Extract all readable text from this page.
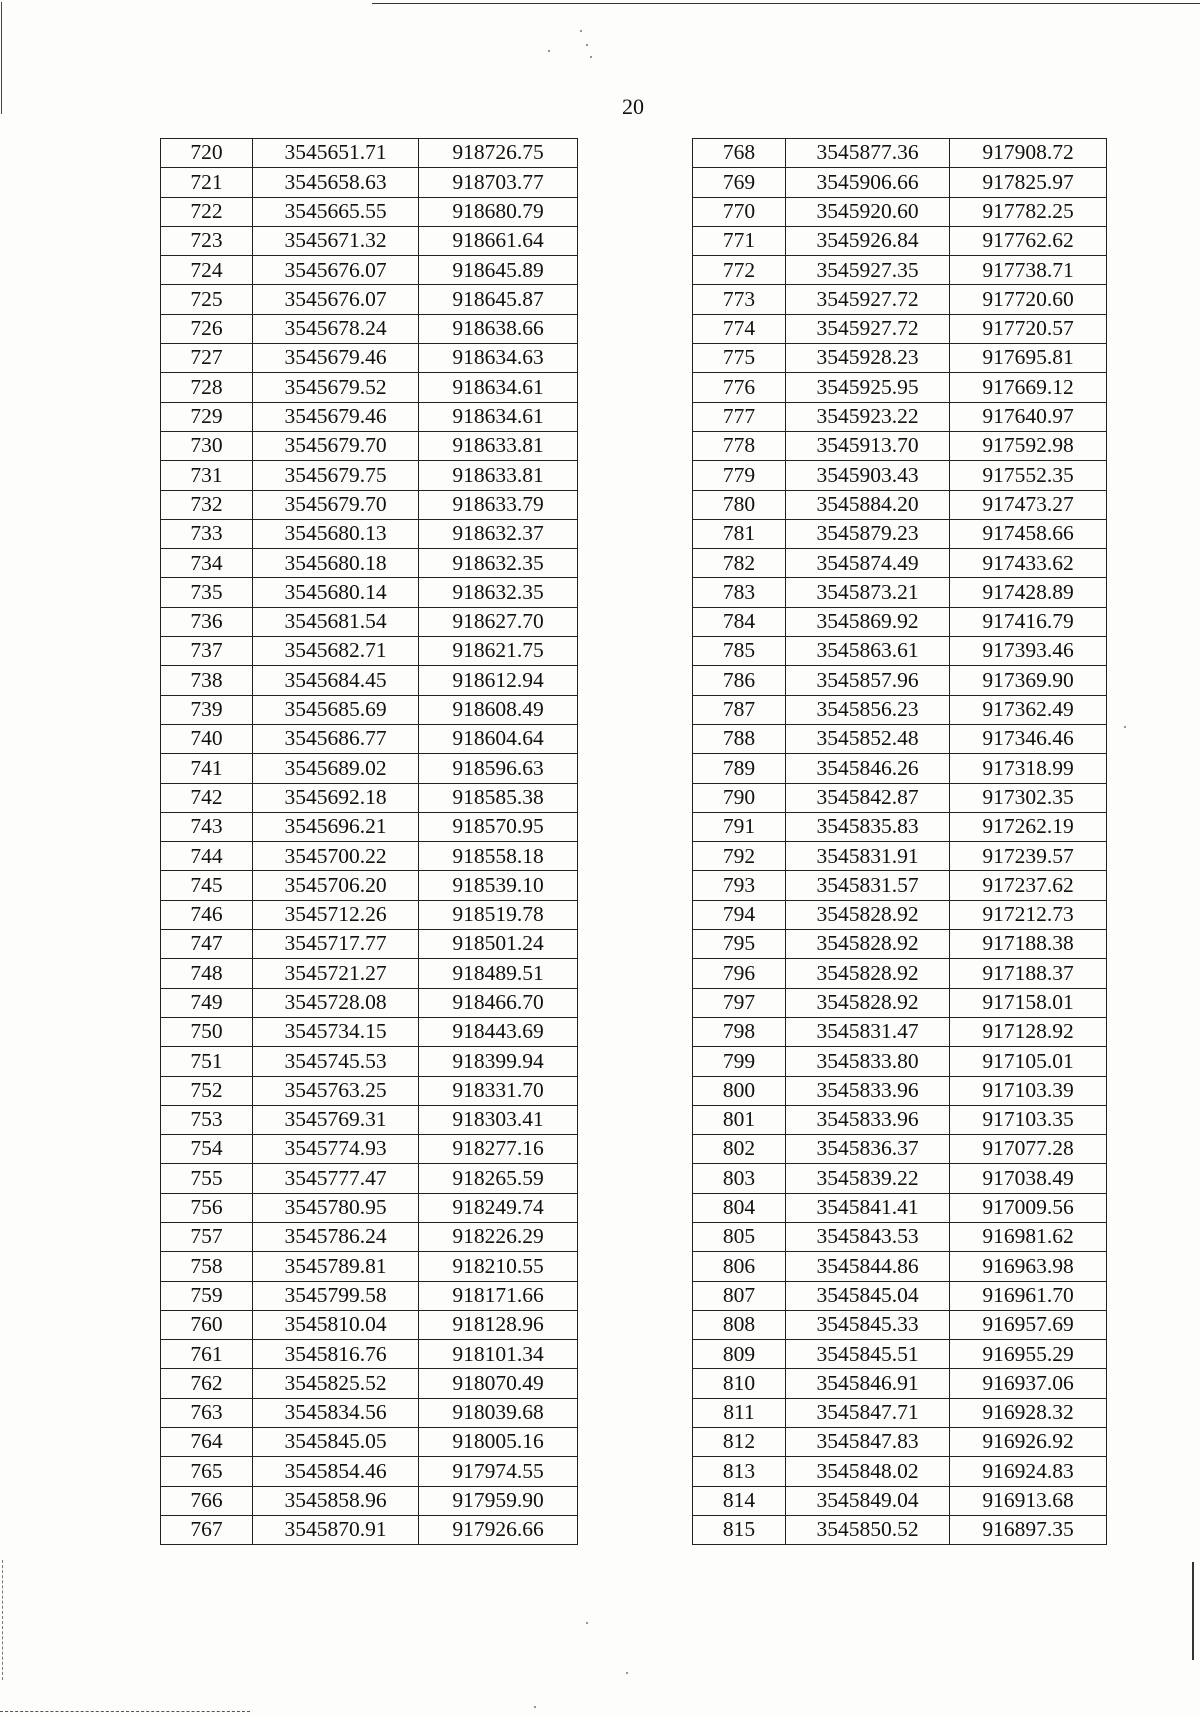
20
720	3545651.71	918726.75
721	3545658.63	918703.77
722	3545665.55	918680.79
723	3545671.32	918661.64
724	3545676.07	918645.89
725	3545676.07	918645.87
726	3545678.24	918638.66
727	3545679.46	918634.63
728	3545679.52	918634.61
729	3545679.46	918634.61
730	3545679.70	918633.81
731	3545679.75	918633.81
732	3545679.70	918633.79
733	3545680.13	918632.37
734	3545680.18	918632.35
735	3545680.14	918632.35
736	3545681.54	918627.70
737	3545682.71	918621.75
738	3545684.45	918612.94
739	3545685.69	918608.49
740	3545686.77	918604.64
741	3545689.02	918596.63
742	3545692.18	918585.38
743	3545696.21	918570.95
744	3545700.22	918558.18
745	3545706.20	918539.10
746	3545712.26	918519.78
747	3545717.77	918501.24
748	3545721.27	918489.51
749	3545728.08	918466.70
750	3545734.15	918443.69
751	3545745.53	918399.94
752	3545763.25	918331.70
753	3545769.31	918303.41
754	3545774.93	918277.16
755	3545777.47	918265.59
756	3545780.95	918249.74
757	3545786.24	918226.29
758	3545789.81	918210.55
759	3545799.58	918171.66
760	3545810.04	918128.96
761	3545816.76	918101.34
762	3545825.52	918070.49
763	3545834.56	918039.68
764	3545845.05	918005.16
765	3545854.46	917974.55
766	3545858.96	917959.90
767	3545870.91	917926.66
768	3545877.36	917908.72
769	3545906.66	917825.97
770	3545920.60	917782.25
771	3545926.84	917762.62
772	3545927.35	917738.71
773	3545927.72	917720.60
774	3545927.72	917720.57
775	3545928.23	917695.81
776	3545925.95	917669.12
777	3545923.22	917640.97
778	3545913.70	917592.98
779	3545903.43	917552.35
780	3545884.20	917473.27
781	3545879.23	917458.66
782	3545874.49	917433.62
783	3545873.21	917428.89
784	3545869.92	917416.79
785	3545863.61	917393.46
786	3545857.96	917369.90
787	3545856.23	917362.49
788	3545852.48	917346.46
789	3545846.26	917318.99
790	3545842.87	917302.35
791	3545835.83	917262.19
792	3545831.91	917239.57
793	3545831.57	917237.62
794	3545828.92	917212.73
795	3545828.92	917188.38
796	3545828.92	917188.37
797	3545828.92	917158.01
798	3545831.47	917128.92
799	3545833.80	917105.01
800	3545833.96	917103.39
801	3545833.96	917103.35
802	3545836.37	917077.28
803	3545839.22	917038.49
804	3545841.41	917009.56
805	3545843.53	916981.62
806	3545844.86	916963.98
807	3545845.04	916961.70
808	3545845.33	916957.69
809	3545845.51	916955.29
810	3545846.91	916937.06
811	3545847.71	916928.32
812	3545847.83	916926.92
813	3545848.02	916924.83
814	3545849.04	916913.68
815	3545850.52	916897.35
